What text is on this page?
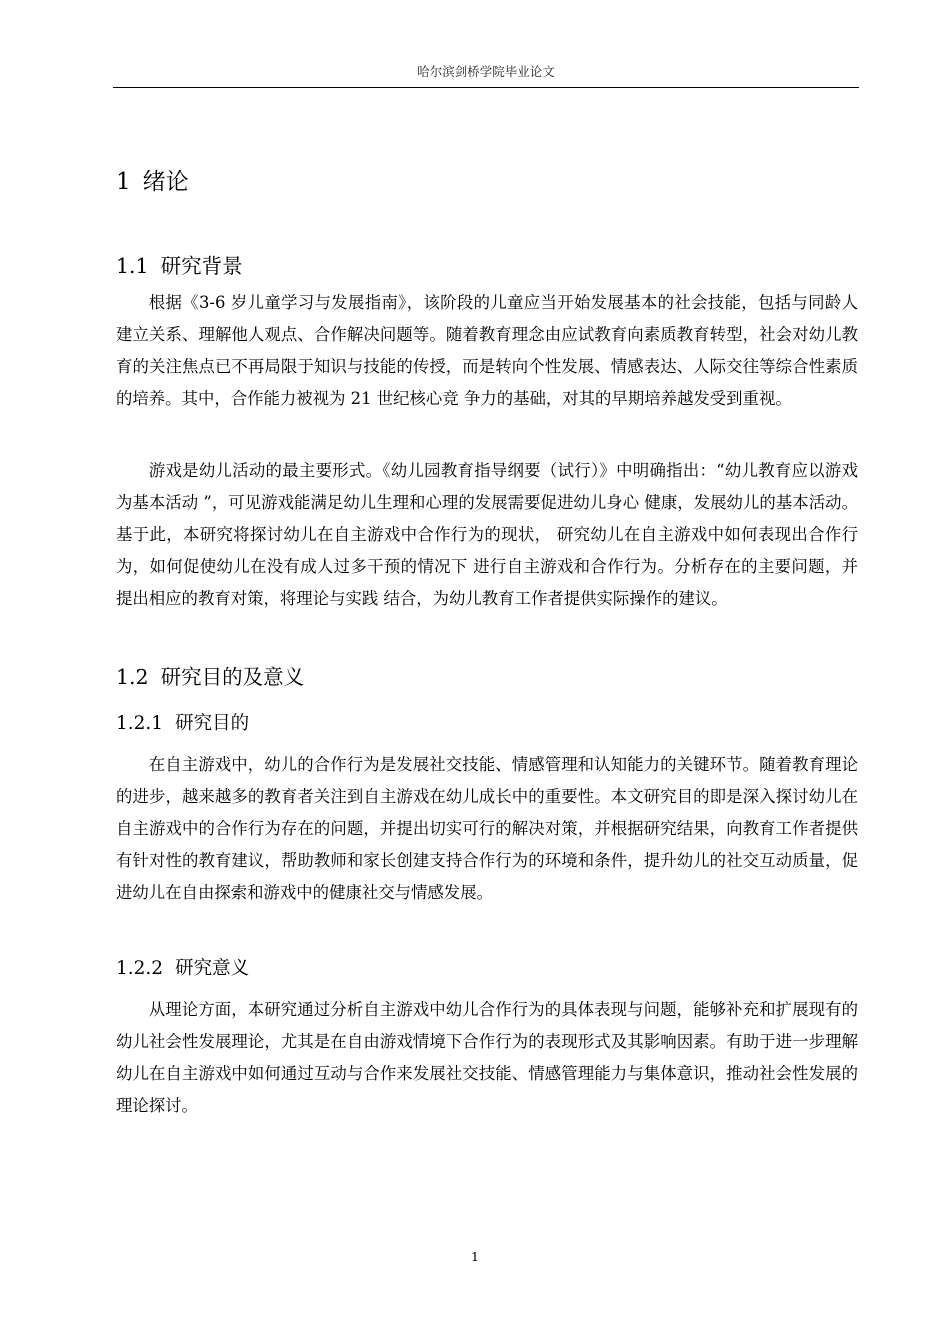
哈尔滨剑桥学院毕业论文
1 绪论
1.1 研究背景

根据《3-6 岁儿童学习与发展指南》，该阶段的儿童应当开始发展基本的社会技能，包括与同龄人建立关系、理解他人观点、合作解决问题等。随着教育理念由应试教育向素质教育转型，社会对幼儿教育的关注焦点已不再局限于知识与技能的传授，而是转向个性发展、情感表达、人际交往等综合性素质的培养。其中，合作能力被视为 21 世纪核心竞 争力的基础，对其的早期培养越发受到重视。

游戏是幼儿活动的最主要形式。《幼儿园教育指导纲要（试行）》中明确指出：“幼儿教育应以游戏为基本活动 ”，可见游戏能满足幼儿生理和心理的发展需要促进幼儿身心 健康，发展幼儿的基本活动。基于此，本研究将探讨幼儿在自主游戏中合作行为的现状， 研究幼儿在自主游戏中如何表现出合作行为，如何促使幼儿在没有成人过多干预的情况下 进行自主游戏和合作行为。分析存在的主要问题，并提出相应的教育对策，将理论与实践 结合，为幼儿教育工作者提供实际操作的建议。

1.2 研究目的及意义
1.2.1 研究目的

在自主游戏中，幼儿的合作行为是发展社交技能、情感管理和认知能力的关键环节。随着教育理论的进步，越来越多的教育者关注到自主游戏在幼儿成长中的重要性。本文研究目的即是深入探讨幼儿在自主游戏中的合作行为存在的问题，并提出切实可行的解决对策，并根据研究结果，向教育工作者提供有针对性的教育建议，帮助教师和家长创建支持合作行为的环境和条件，提升幼儿的社交互动质量，促进幼儿在自由探索和游戏中的健康社交与情感发展。

1.2.2 研究意义

从理论方面，本研究通过分析自主游戏中幼儿合作行为的具体表现与问题，能够补充和扩展现有的幼儿社会性发展理论，尤其是在自由游戏情境下合作行为的表现形式及其影响因素。有助于进一步理解幼儿在自主游戏中如何通过互动与合作来发展社交技能、情感管理能力与集体意识，推动社会性发展的理论探讨。

1
